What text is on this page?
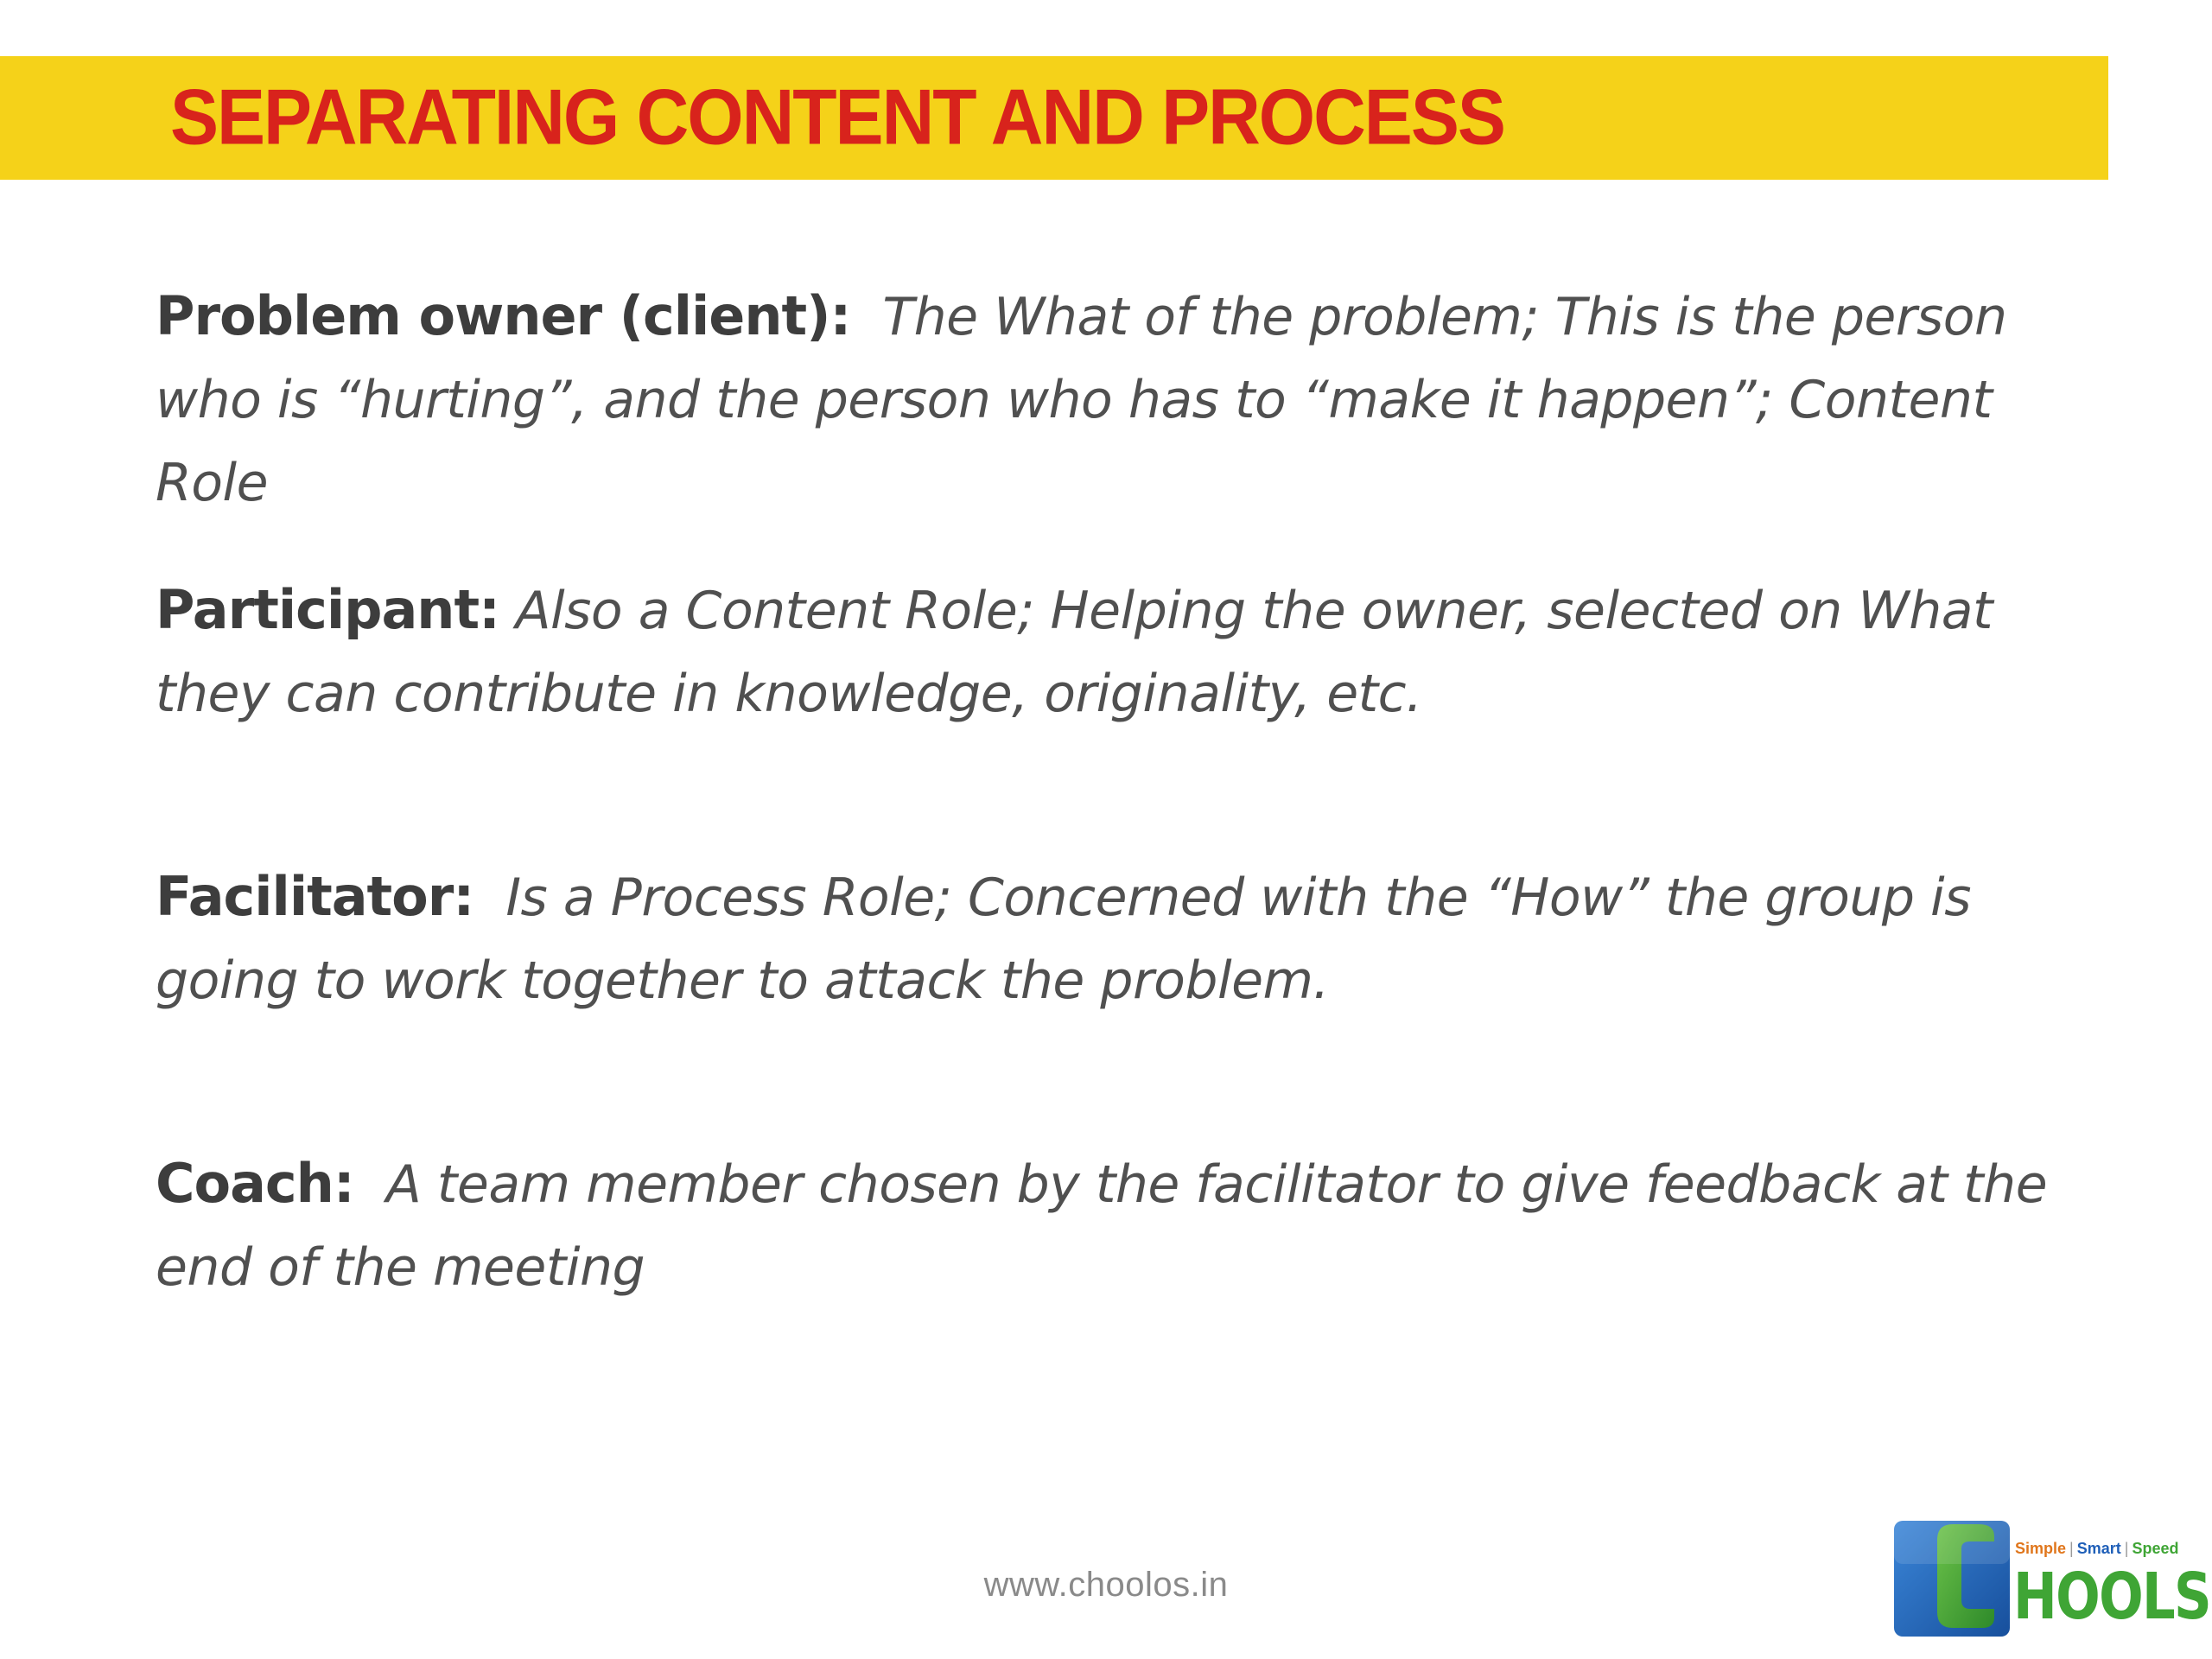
SEPARATING CONTENT AND PROCESS

Problem owner (client): The What of the problem; This is the person who is “hurting”, and the person who has to “make it happen”; Content Role

Participant: Also a Content Role; Helping the owner, selected on What they can contribute in knowledge, originality, etc.

Facilitator: Is a Process Role; Concerned with the “How” the group is going to work together to attack the problem.

Coach: A team member chosen by the facilitator to give feedback at the end of the meeting

www.choolos.in
Simple | Smart | Speed
HOOLS
